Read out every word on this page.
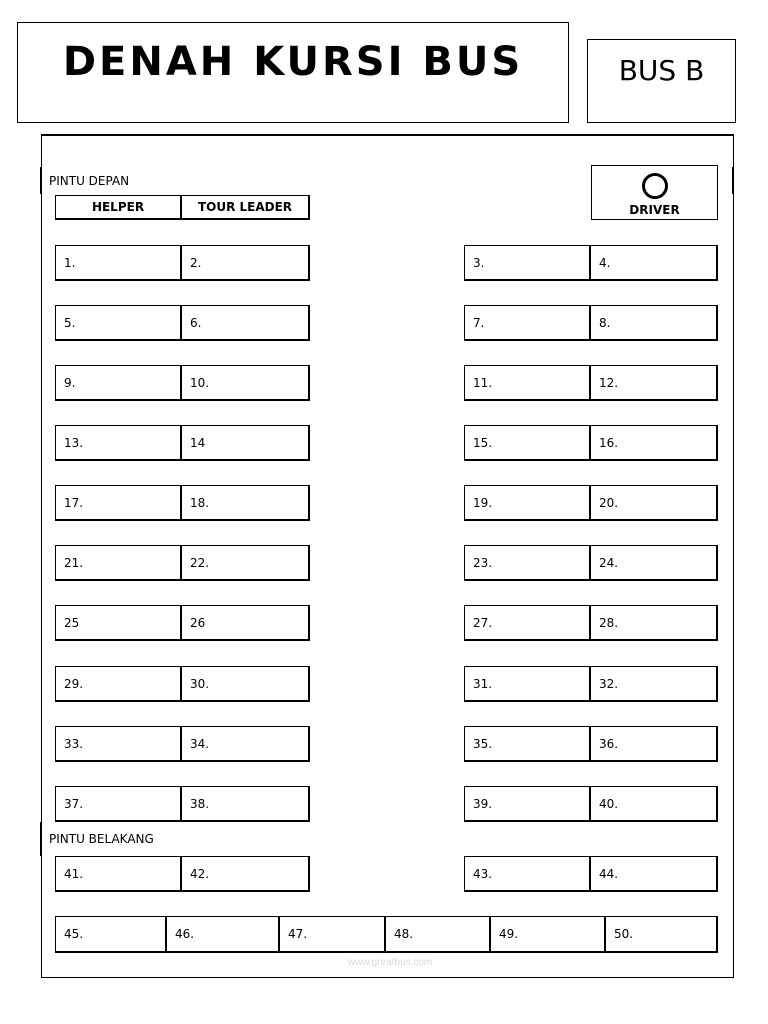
DENAH KURSI BUS	BUS B
PINTU DEPAN
PINTU BELAKANG
HELPER	TOUR LEADER	DRIVER
1.	2.	3.	4.
5.	6.	7.	8.
9.	10.	11.	12.
13.	14	15.	16.
17.	18.	19.	20.
21.	22.	23.	24.
25	26	27.	28.
29.	30.	31.	32.
33.	34.	35.	36.
37.	38.	39.	40.
41.	42.	43.	44.
45.	46.	47.	48.	49.	50.
www.greatbus.com
